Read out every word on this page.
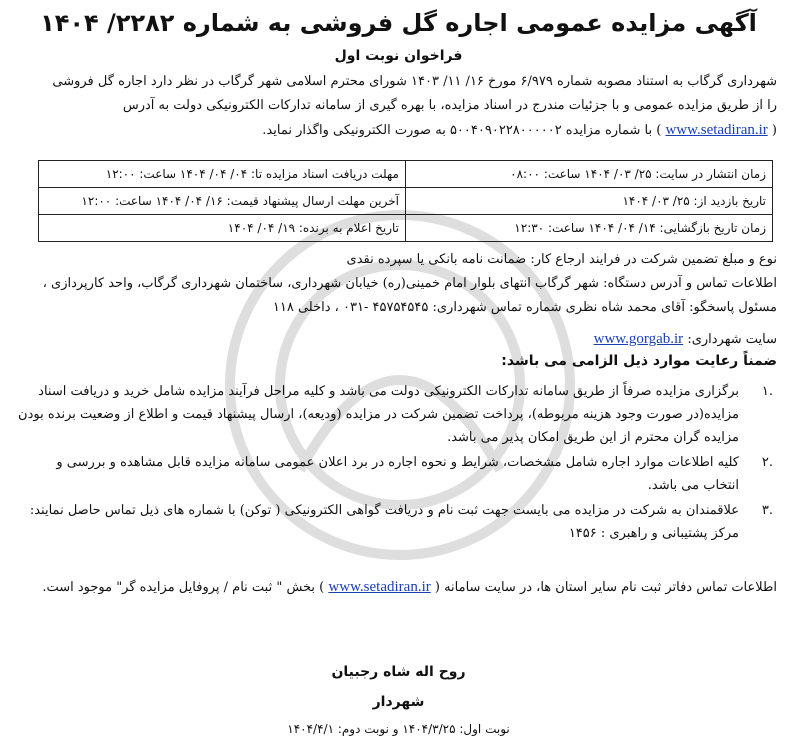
آگهی مزایده عمومی اجاره گل فروشی به شماره ۲۲۸۲/ ۱۴۰۴
فراخوان نوبت اول
شهرداری گرگاب به استناد مصوبه شماره ۶/۹۷۹ مورخ ۱۶/ ۱۱/ ۱۴۰۳ شورای محترم اسلامی شهر گرگاب در نظر دارد اجاره گل فروشی
را از طریق مزایده عمومی و با جزئیات مندرج در اسناد مزایده، با بهره گیری از سامانه تدارکات الکترونیکی دولت به آدرس
( www.setadiran.ir ) با شماره مزایده ۵۰۰۴۰۹۰۲۲۸۰۰۰۰۰۲ به صورت الکترونیکی واگذار نماید.
زمان انتشار در سایت: ۲۵/ ۰۳/ ۱۴۰۴ ساعت: ۰۸:۰۰	مهلت دریافت اسناد مزایده تا: ۰۴/ ۰۴/ ۱۴۰۴ ساعت: ۱۲:۰۰
تاریخ بازدید از: ۲۵/ ۰۳/ ۱۴۰۴	آخرین مهلت ارسال پیشنهاد قیمت: ۱۶/ ۰۴/ ۱۴۰۴ ساعت: ۱۲:۰۰
زمان تاریخ بازگشایی: ۱۴/ ۰۴/ ۱۴۰۴ ساعت: ۱۲:۳۰	تاریخ اعلام به برنده: ۱۹/ ۰۴/ ۱۴۰۴
نوع و مبلغ تضمین شرکت در فرایند ارجاع کار: ضمانت نامه بانکی یا سپرده نقدی
اطلاعات تماس و آدرس دستگاه: شهر گرگاب انتهای بلوار امام خمینی(ره) خیابان شهرداری، ساختمان شهرداری گرگاب، واحد کارپردازی ،
مسئول پاسخگو: آقای محمد شاه نظری شماره تماس شهرداری: ۴۵۷۵۴۵۴۵ -۰۳۱ ، داخلی ۱۱۸
سایت شهرداری: www.gorgab.ir
ضمناً رعایت موارد ذیل الزامی می باشد:
.۱
برگزاری مزایده صرفاً از طریق سامانه تدارکات الکترونیکی دولت می باشد و کلیه مراحل فرآیند مزایده شامل خرید و دریافت اسناد مزایده(در صورت وجود هزینه مربوطه)، پرداخت تضمین شرکت در مزایده (ودیعه)، ارسال پیشنهاد قیمت و اطلاع از وضعیت برنده بودن مزایده گران محترم از این طریق امکان پذیر می باشد.
.۲
کلیه اطلاعات موارد اجاره شامل مشخصات، شرایط و نحوه اجاره در برد اعلان عمومی سامانه مزایده قابل مشاهده و بررسی و انتخاب می باشد.
.۳
علاقمندان به شرکت در مزایده می بایست جهت ثبت نام و دریافت گواهی الکترونیکی ( توکن) با شماره های ذیل تماس حاصل نمایند: مرکز پشتیبانی و راهبری : ۱۴۵۶
اطلاعات تماس دفاتر ثبت نام سایر استان ها، در سایت سامانه ( www.setadiran.ir ) بخش " ثبت نام / پروفایل مزایده گر" موجود است.
روح اله شاه رجبیان
شهردار
نوبت اول: ۱۴۰۴/۳/۲۵ و نوبت دوم: ۱۴۰۴/۴/۱
